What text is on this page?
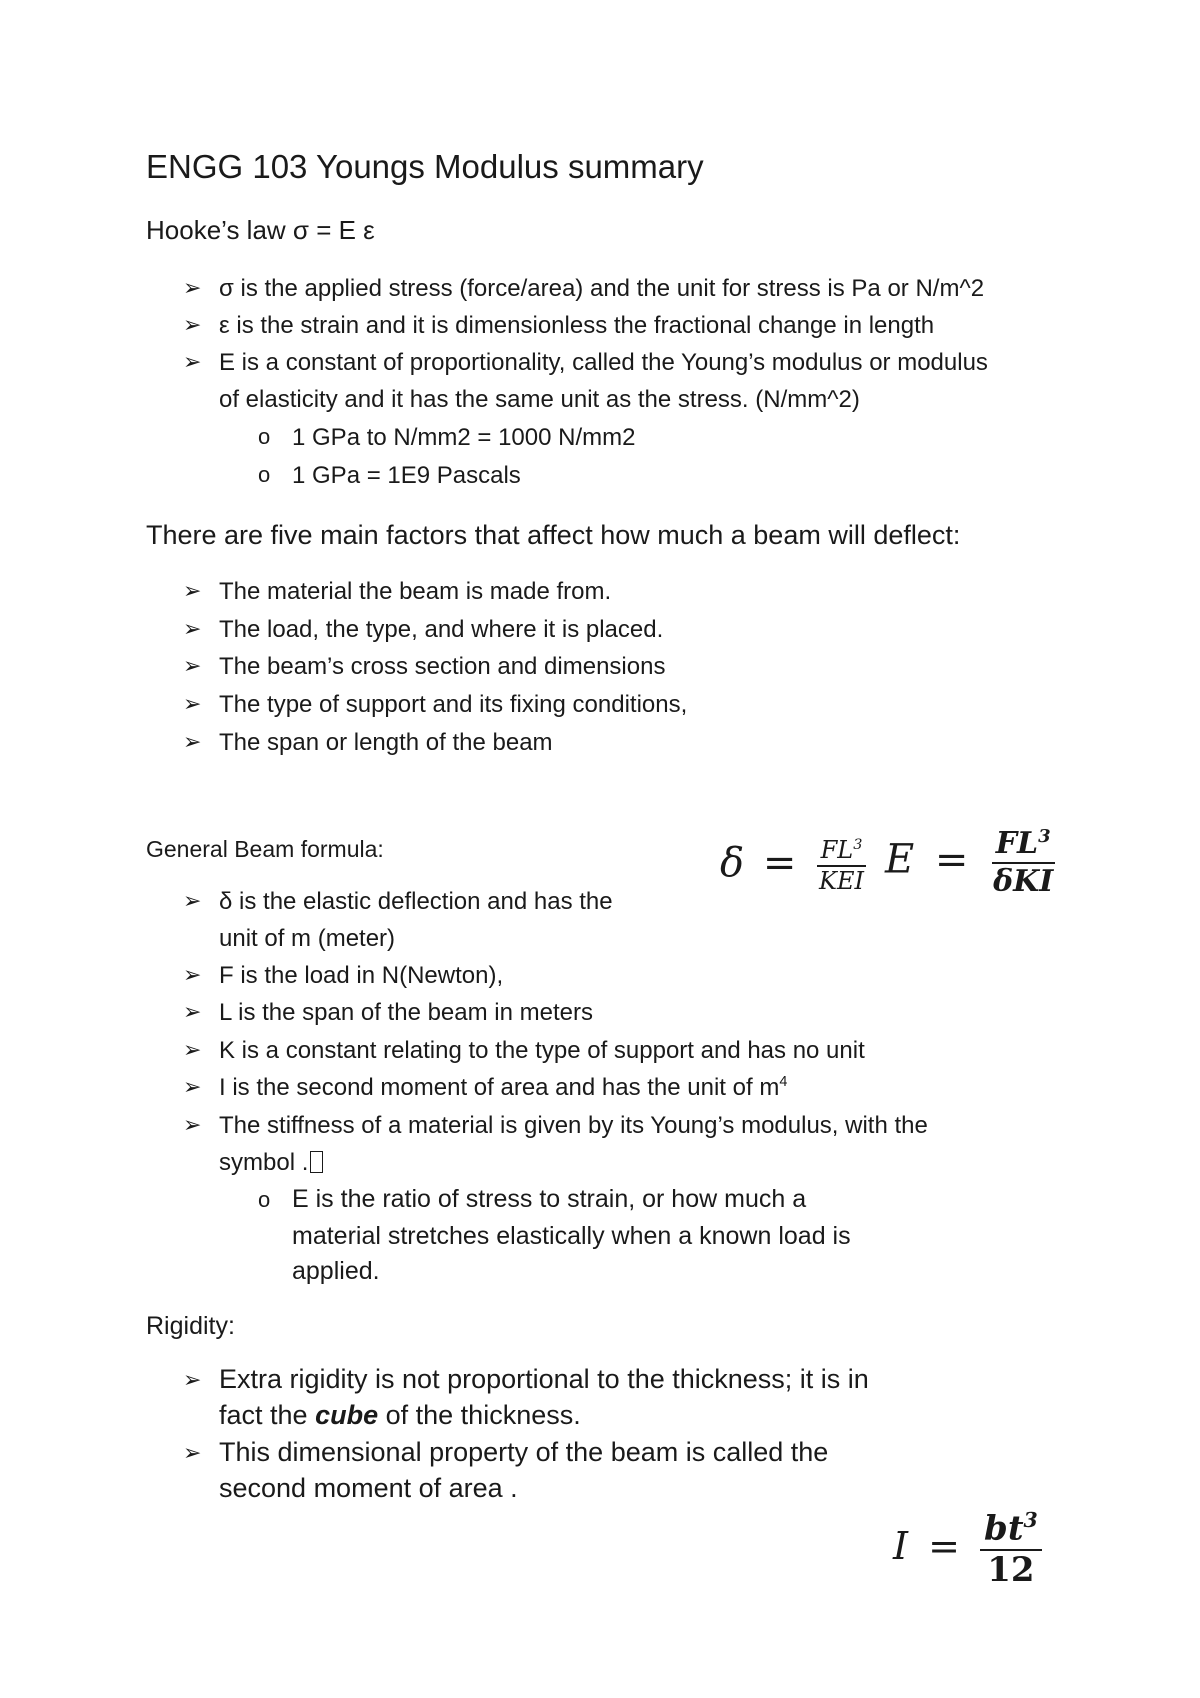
ENGG 103 Youngs Modulus summary
Hooke’s law σ = E ε
➢ σ is the applied stress (force/area) and the unit for stress is Pa or N/m^2
➢ ε is the strain and it is dimensionless the fractional change in length
➢ E is a constant of proportionality, called the Young’s modulus or modulus
of elasticity and it has the same unit as the stress. (N/mm^2)
o 1 GPa to N/mm2 = 1000 N/mm2
o 1 GPa = 1E9 Pascals
There are five main factors that affect how much a beam will deflect:
➢ The material the beam is made from.
➢ The load, the type, and where it is placed.
➢ The beam’s cross section and dimensions
➢ The type of support and its fixing conditions,
➢ The span or length of the beam
General Beam formula:	$\delta = \frac{FL^3}{\text{KEI}}$ $E = \frac{FL^3}{\text{δKI}}$
➢ δ is the elastic deflection and has the
unit of m (meter)
➢ F is the load in N(Newton),
➢ L is the span of the beam in meters
➢ K is a constant relating to the type of support and has no unit
➢ I is the second moment of area and has the unit of $m^4$
➢ The stiffness of a material is given by its Young’s modulus, with the
symbol .
o E is the ratio of stress to strain, or how much a
material stretches elastically when a known load is
applied.
Rigidity:
➢ Extra rigidity is not proportional to the thickness; it is in
fact the cube of the thickness.
➢ This dimensional property of the beam is called the
second moment of area .
$I = \frac{bt^3}{12}$
